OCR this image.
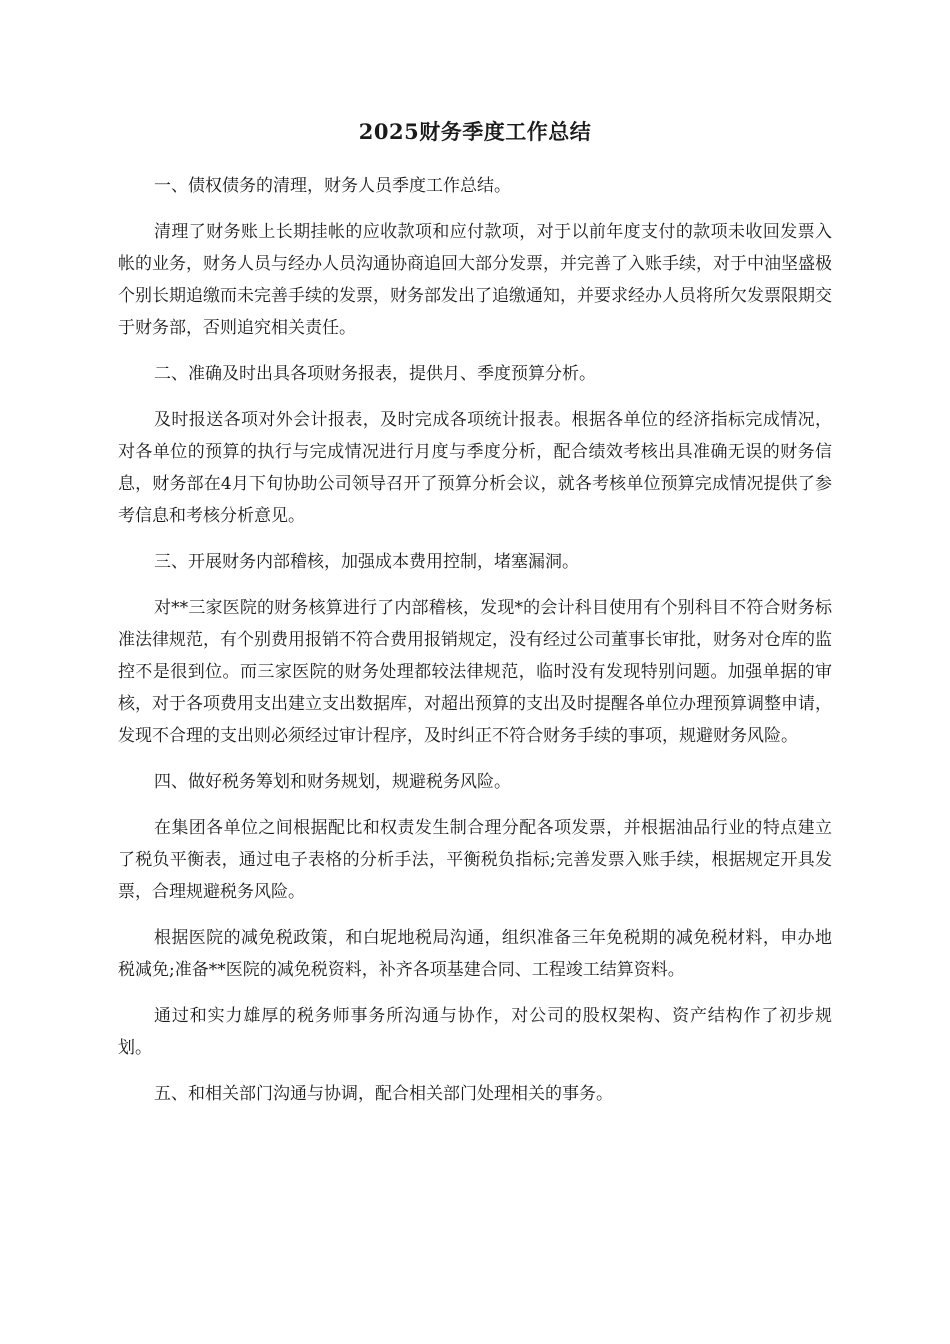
2025财务季度工作总结

一、债权债务的清理，财务人员季度工作总结。

清理了财务账上长期挂帐的应收款项和应付款项，对于以前年度支付的款项未收回发票入帐的业务，财务人员与经办人员沟通协商追回大部分发票，并完善了入账手续，对于中油坚盛极个别长期追缴而未完善手续的发票，财务部发出了追缴通知，并要求经办人员将所欠发票限期交于财务部，否则追究相关责任。

二、准确及时出具各项财务报表，提供月、季度预算分析。

及时报送各项对外会计报表，及时完成各项统计报表。根据各单位的经济指标完成情况，对各单位的预算的执行与完成情况进行月度与季度分析，配合绩效考核出具准确无误的财务信息，财务部在4月下旬协助公司领导召开了预算分析会议，就各考核单位预算完成情况提供了参考信息和考核分析意见。

三、开展财务内部稽核，加强成本费用控制，堵塞漏洞。

对**三家医院的财务核算进行了内部稽核，发现*的会计科目使用有个别科目不符合财务标准法律规范，有个别费用报销不符合费用报销规定，没有经过公司董事长审批，财务对仓库的监控不是很到位。而三家医院的财务处理都较法律规范，临时没有发现特别问题。加强单据的审核，对于各项费用支出建立支出数据库，对超出预算的支出及时提醒各单位办理预算调整申请，发现不合理的支出则必须经过审计程序，及时纠正不符合财务手续的事项，规避财务风险。

四、做好税务筹划和财务规划，规避税务风险。

在集团各单位之间根据配比和权责发生制合理分配各项发票，并根据油品行业的特点建立了税负平衡表，通过电子表格的分析手法，平衡税负指标;完善发票入账手续，根据规定开具发票，合理规避税务风险。

根据医院的减免税政策，和白坭地税局沟通，组织准备三年免税期的减免税材料，申办地税减免;准备**医院的减免税资料，补齐各项基建合同、工程竣工结算资料。

通过和实力雄厚的税务师事务所沟通与协作，对公司的股权架构、资产结构作了初步规划。

五、和相关部门沟通与协调，配合相关部门处理相关的事务。
